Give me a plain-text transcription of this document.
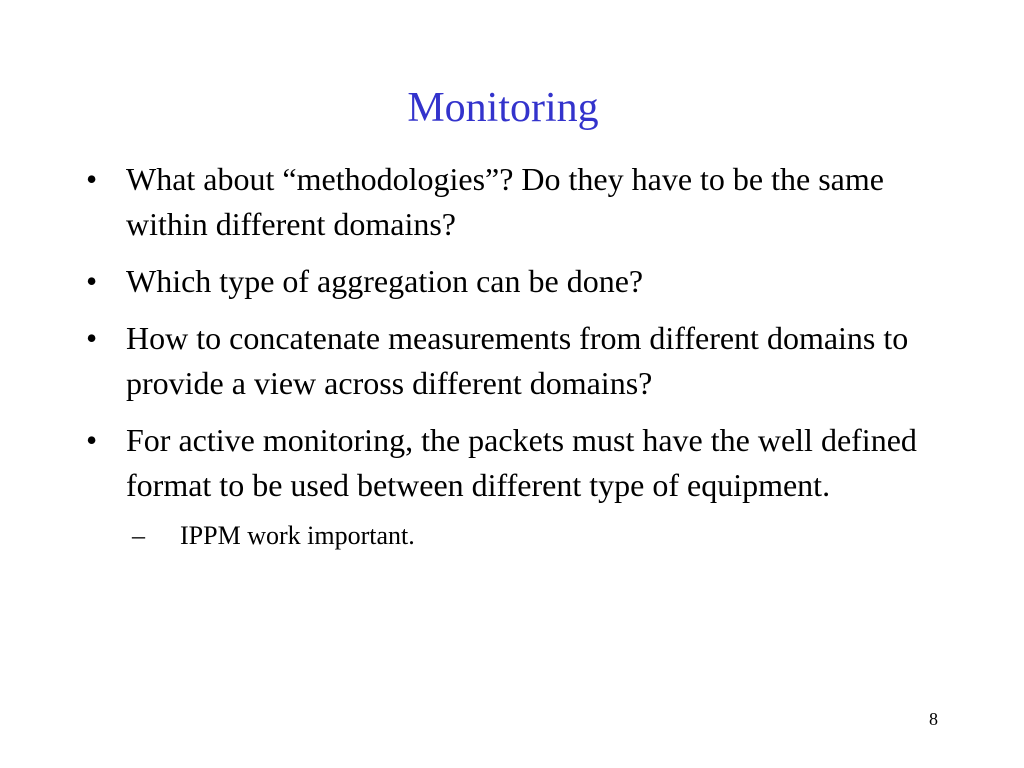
Monitoring
• What about “methodologies”? Do they have to be the same within different domains?
• Which type of aggregation can be done?
• How to concatenate measurements from different domains to provide a view across different domains?
• For active monitoring, the packets must have the well defined format to be used between different type of equipment.
– IPPM work important.
8
